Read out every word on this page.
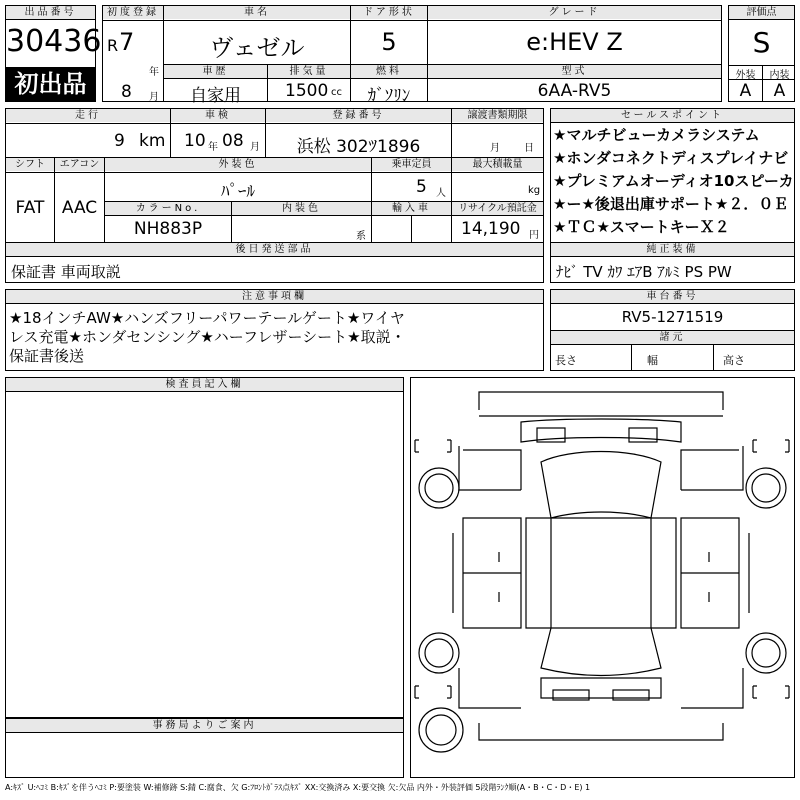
出品番号
30436
初出品
初度登録
R 7
年
8 月
車名
ヴェゼル
ドア形状
5
グレード
e:HEV Z
車歴
自家用
排気量
1500 cc
燃料
ｶﾞｿﾘﾝ
型式
6AA-RV5
評価点
S
外装	内装
A	A
走行
9 km
車検
10 年 08 月
登録番号
浜松 302ﾂ1896
譲渡書類期限
月 日
シフト
FAT
エアコン
AAC
外装色
ﾊﾟｰﾙ
乗車定員
5 人
最大積載量
kg
カラーNo.
NH883P
内装色
系
輸入車	リサイクル預託金
14,190 円
後日発送部品
保証書 車両取説
セールスポイント
★マルチビューカメラシステム
★ホンダコネクトディスプレイナビ
★プレミアムオーディオ10スピーカ
★ー★後退出庫サポート★２．０Ｅ
★ＴＣ★スマートキーＸ２
純正装備
ﾅﾋﾞ TV ｶﾜ ｴｱB ｱﾙﾐ PS PW
注意事項欄
★18インチAW★ハンズフリーパワーテールゲート★ワイヤ
レス充電★ホンダセンシング★ハーフレザーシート★取説・
保証書後送
車台番号
RV5-1271519
諸元
長さ	幅	高さ
検査員記入欄
事務局よりご案内
A:ｷｽﾞ U:ﾍｺﾐ B:ｷｽﾞを伴うﾍｺﾐ P:要塗装 W:補修跡 S:錆 C:腐食、欠 G:ﾌﾛﾝﾄｶﾞﾗｽ点ｷｽﾞ XX:交換済み X:要交換 欠:欠品 内外・外装評価 5段階ﾗﾝｸ順(A・B・C・D・E) 1
